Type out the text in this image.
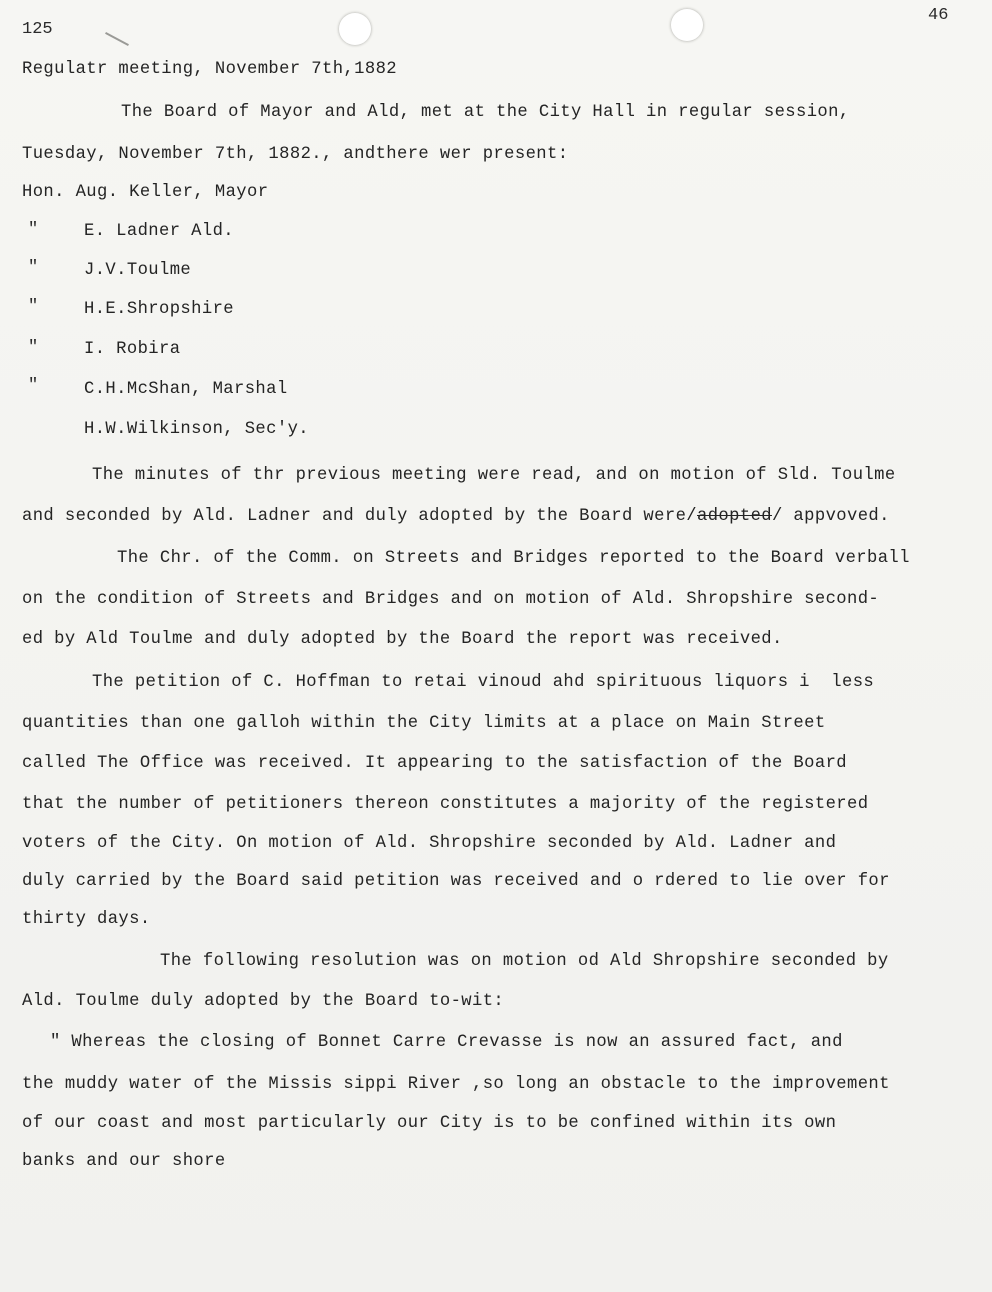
125
46
Regulatr meeting, November 7th,1882
The Board of Mayor and Ald, met at the City Hall in regular session,
Tuesday, November 7th, 1882., andthere wer present:
Hon. Aug. Keller, Mayor
"	E. Ladner Ald.
"	J.V.Toulme
"	H.E.Shropshire
"	I. Robira
"	C.H.McShan, Marshal
H.W.Wilkinson, Sec'y.
The minutes of thr previous meeting were read, and on motion of Sld. Toulme
and seconded by Ald. Ladner and duly adopted by the Board were/adopted/ appvoved.
The Chr. of the Comm. on Streets and Bridges reported to the Board verball
on the condition of Streets and Bridges and on motion of Ald. Shropshire second-
ed by Ald Toulme and duly adopted by the Board the report was received.
The petition of C. Hoffman to retai vinoud ahd spirituous liquors i  less
quantities than one galloh within the City limits at a place on Main Street
called The Office was received. It appearing to the satisfaction of the Board
that the number of petitioners thereon constitutes a majority of the registered
voters of the City. On motion of Ald. Shropshire seconded by Ald. Ladner and
duly carried by the Board said petition was received and o rdered to lie over for
thirty days.
The following resolution was on motion od Ald Shropshire seconded by
Ald. Toulme duly adopted by the Board to-wit:
" Whereas the closing of Bonnet Carre Crevasse is now an assured fact, and
the muddy water of the Missis sippi River ,so long an obstacle to the improvement
of our coast and most particularly our City is to be confined within its own
banks and our shore
